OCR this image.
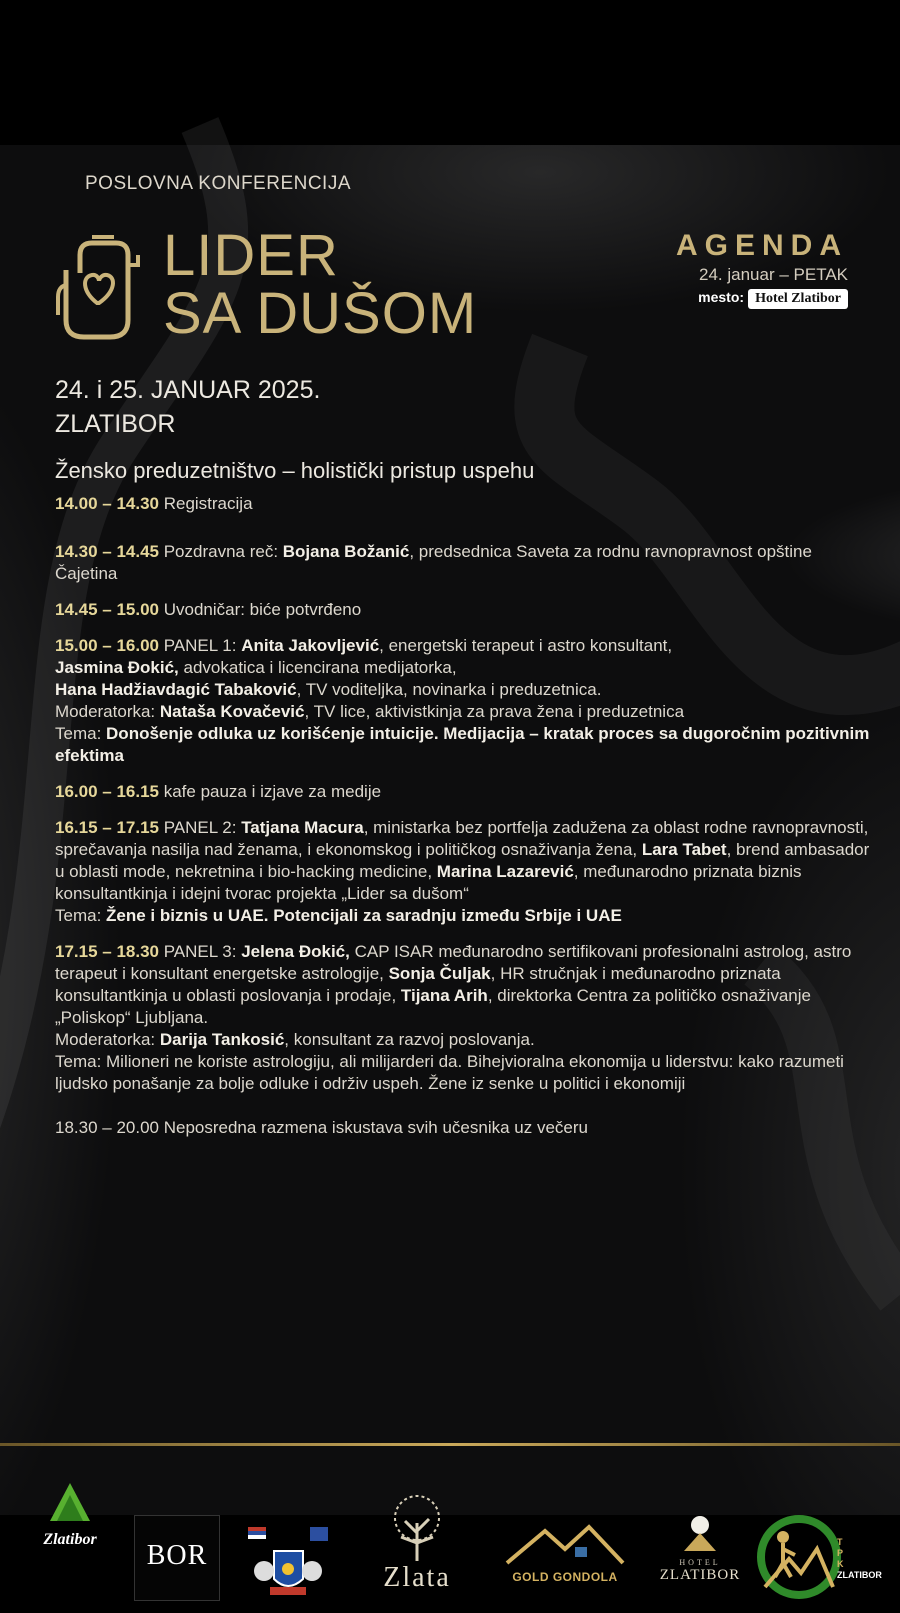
POSLOVNA KONFERENCIJA
LIDER
SA DUŠOM
AGENDA
24. januar – PETAK
mesto: Hotel Zlatibor
24. i 25. JANUAR 2025.
ZLATIBOR
Žensko preduzetništvo – holistički pristup uspehu
14.00 – 14.30 Registracija
14.30 – 14.45 Pozdravna reč: Bojana Božanić, predsednica Saveta za rodnu ravnopravnost opštine Čajetina
14.45 – 15.00 Uvodničar: biće potvrđeno
15.00 – 16.00 PANEL 1: Anita Jakovljević, energetski terapeut i astro konsultant,
Jasmina Đokić, advokatica i licencirana medijatorka,
Hana Hadžiavdagić Tabaković, TV voditeljka, novinarka i preduzetnica.
Moderatorka: Nataša Kovačević, TV lice, aktivistkinja za prava žena i preduzetnica
Tema: Donošenje odluka uz korišćenje intuicije. Medijacija – kratak proces sa dugoročnim pozitivnim efektima
16.00 – 16.15 kafe pauza i izjave za medije
16.15 – 17.15 PANEL 2: Tatjana Macura, ministarka bez portfelja zadužena za oblast rodne ravnopravnosti, sprečavanja nasilja nad ženama, i ekonomskog i političkog osnaživanja žena, Lara Tabet, brend ambasador u oblasti mode, nekretnina i bio-hacking medicine, Marina Lazarević, međunarodno priznata biznis konsultantkinja i idejni tvorac projekta „Lider sa dušom“
Tema: Žene i biznis u UAE. Potencijali za saradnju između Srbije i UAE
17.15 – 18.30 PANEL 3: Jelena Đokić, CAP ISAR međunarodno sertifikovani profesionalni astrolog, astro terapeut i konsultant energetske astrologije, Sonja Čuljak, HR stručnjak i međunarodno priznata konsultantkinja u oblasti poslovanja i prodaje, Tijana Arih, direktorka Centra za političko osnaživanje „Poliskop“ Ljubljana.
Moderatorka: Darija Tankosić, konsultant za razvoj poslovanja.
Tema: Milioneri ne koriste astrologiju, ali milijarderi da. Bihejvioralna ekonomija u liderstvu: kako razumeti ljudsko ponašanje za bolje odluke i održiv uspeh. Žene iz senke u politici i ekonomiji
18.30 – 20.00 Neposredna razmena iskustava svih učesnika uz večeru
Zlatibor
BOR
Zlata	GOLD GONDOLA
HOTEL
ZLATIBOR
T
P
K
ZLATIBOR
